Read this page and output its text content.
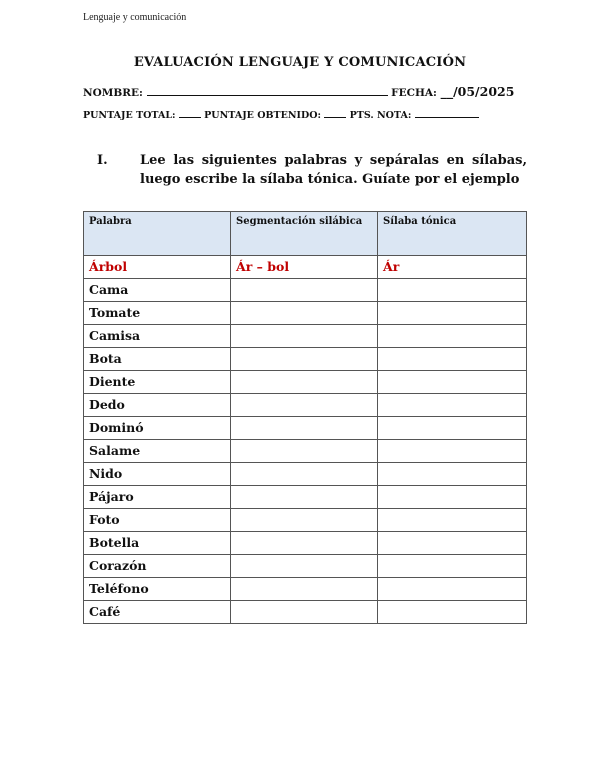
Lenguaje y comunicación
EVALUACIÓN LENGUAJE Y COMUNICACIÓN
NOMBRE:	FECHA: __/05/2025
PUNTAJE TOTAL:	PUNTAJE OBTENIDO:	PTS. NOTA:
I. Lee las siguientes palabras y sepáralas en sílabas, luego escribe la sílaba tónica. Guíate por el ejemplo
Palabra	Segmentación silábica	Sílaba tónica
Árbol	Ár – bol	Ár
Cama		
Tomate		
Camisa		
Bota		
Diente		
Dedo		
Dominó		
Salame		
Nido		
Pájaro		
Foto		
Botella		
Corazón		
Teléfono		
Café		
